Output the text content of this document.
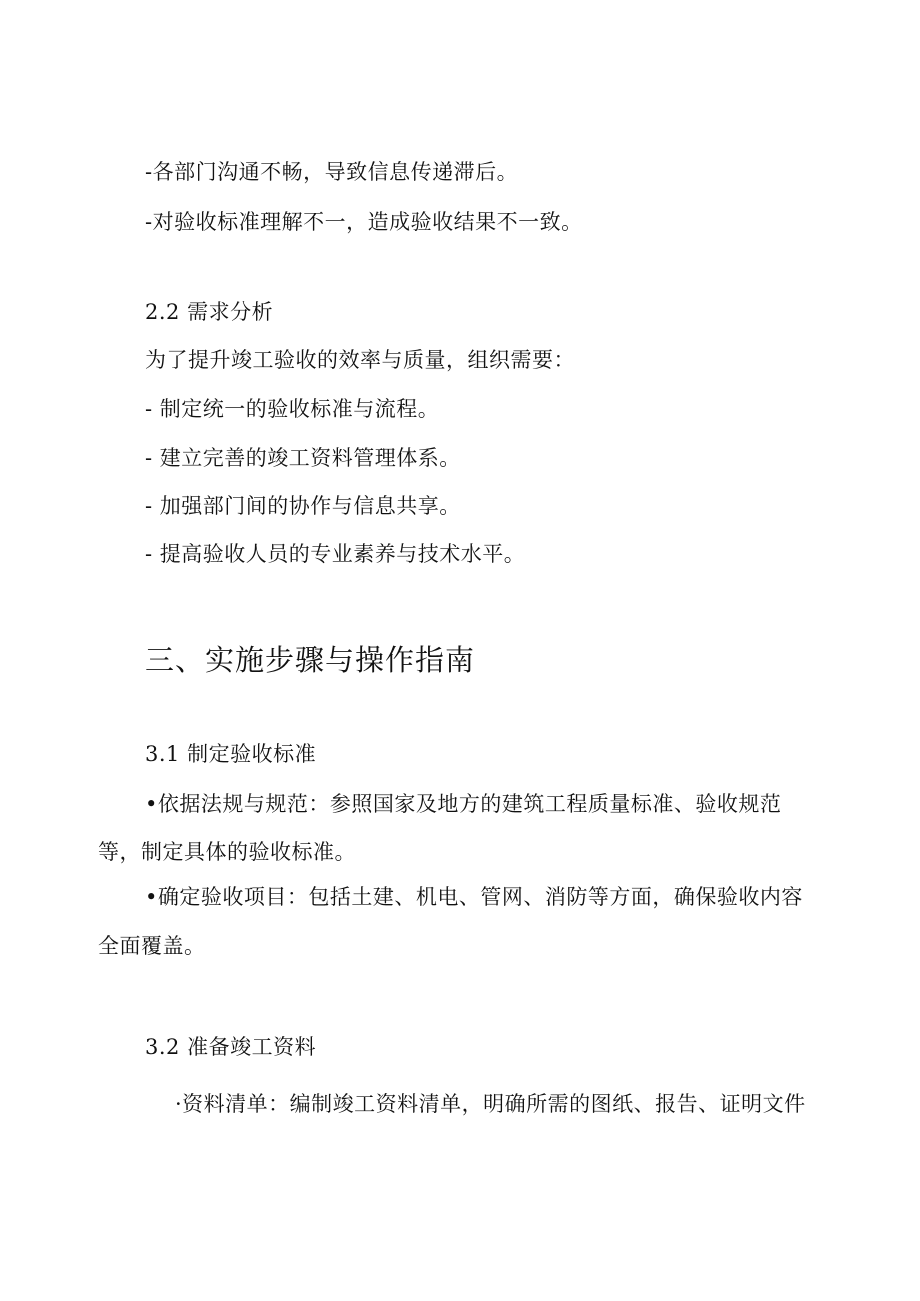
-各部门沟通不畅，导致信息传递滞后。
-对验收标准理解不一，造成验收结果不一致。
2.2 需求分析
为了提升竣工验收的效率与质量，组织需要：
- 制定统一的验收标准与流程。
- 建立完善的竣工资料管理体系。
- 加强部门间的协作与信息共享。
- 提高验收人员的专业素养与技术水平。
三、实施步骤与操作指南
3.1 制定验收标准
•依据法规与规范：参照国家及地方的建筑工程质量标准、验收规范
等，制定具体的验收标准。
•确定验收项目：包括土建、机电、管网、消防等方面，确保验收内容
全面覆盖。
3.2 准备竣工资料
·资料清单：编制竣工资料清单，明确所需的图纸、报告、证明文件
